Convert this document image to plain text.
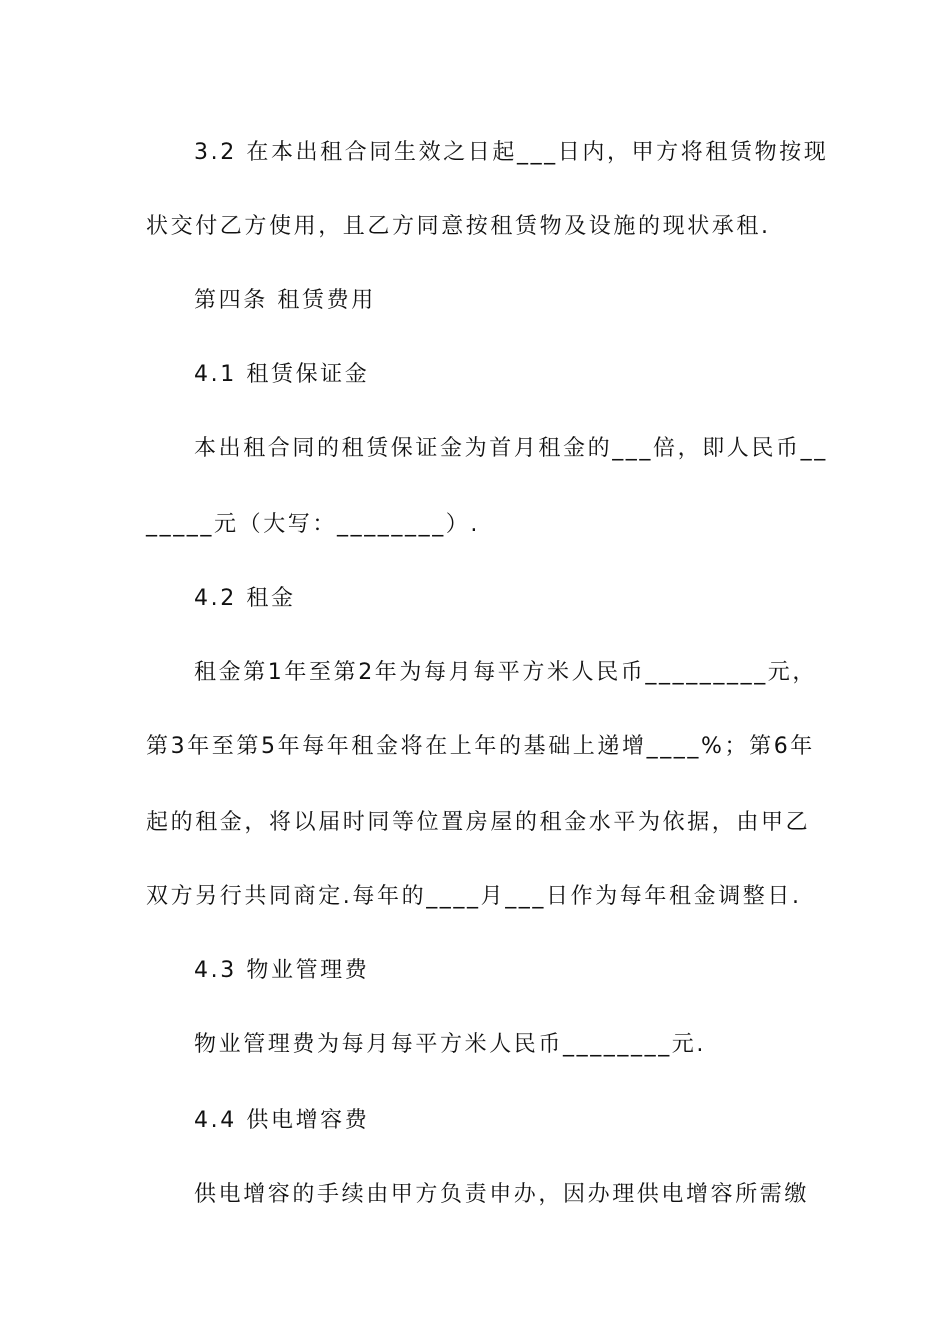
3.2 在本出租合同生效之日起___日内，甲方将租赁物按现
状交付乙方使用，且乙方同意按租赁物及设施的现状承租.
第四条 租赁费用
4.1 租赁保证金
本出租合同的租赁保证金为首月租金的___倍，即人民币__
_____元（大写：________）.
4.2 租金
租金第1年至第2年为每月每平方米人民币_________元，
第3年至第5年每年租金将在上年的基础上递增____%；第6年
起的租金，将以届时同等位置房屋的租金水平为依据，由甲乙
双方另行共同商定.每年的____月___日作为每年租金调整日.
4.3 物业管理费
物业管理费为每月每平方米人民币________元.
4.4 供电增容费
供电增容的手续由甲方负责申办，因办理供电增容所需缴
